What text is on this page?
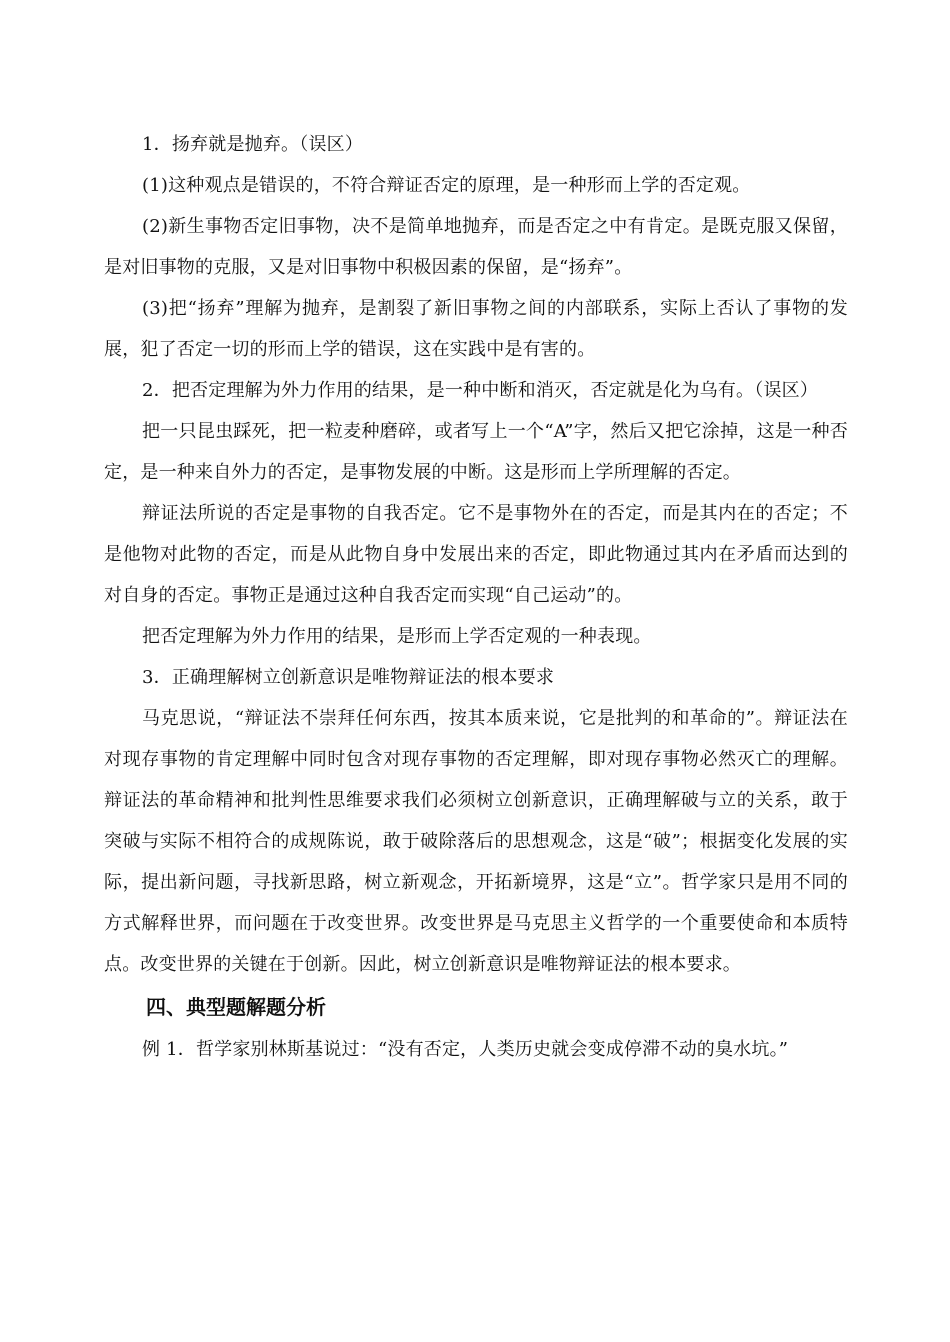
1．扬弃就是抛弃。（误区）

(1)这种观点是错误的，不符合辩证否定的原理，是一种形而上学的否定观。

(2)新生事物否定旧事物，决不是简单地抛弃，而是否定之中有肯定。是既克服又保留，是对旧事物的克服，又是对旧事物中积极因素的保留，是“扬弃”。

(3)把“扬弃”理解为抛弃，是割裂了新旧事物之间的内部联系，实际上否认了事物的发展，犯了否定一切的形而上学的错误，这在实践中是有害的。

2．把否定理解为外力作用的结果，是一种中断和消灭，否定就是化为乌有。（误区）

把一只昆虫踩死，把一粒麦种磨碎，或者写上一个“A”字，然后又把它涂掉，这是一种否定，是一种来自外力的否定，是事物发展的中断。这是形而上学所理解的否定。

辩证法所说的否定是事物的自我否定。它不是事物外在的否定，而是其内在的否定；不是他物对此物的否定，而是从此物自身中发展出来的否定，即此物通过其内在矛盾而达到的对自身的否定。事物正是通过这种自我否定而实现“自己运动”的。

把否定理解为外力作用的结果，是形而上学否定观的一种表现。

3．正确理解树立创新意识是唯物辩证法的根本要求

马克思说，“辩证法不崇拜任何东西，按其本质来说，它是批判的和革命的”。辩证法在对现存事物的肯定理解中同时包含对现存事物的否定理解，即对现存事物必然灭亡的理解。辩证法的革命精神和批判性思维要求我们必须树立创新意识，正确理解破与立的关系，敢于突破与实际不相符合的成规陈说，敢于破除落后的思想观念，这是“破”；根据变化发展的实际，提出新问题，寻找新思路，树立新观念，开拓新境界，这是“立”。哲学家只是用不同的方式解释世界，而问题在于改变世界。改变世界是马克思主义哲学的一个重要使命和本质特点。改变世界的关键在于创新。因此，树立创新意识是唯物辩证法的根本要求。

四、典型题解题分析

例 1．哲学家别林斯基说过：“没有否定，人类历史就会变成停滞不动的臭水坑。”
